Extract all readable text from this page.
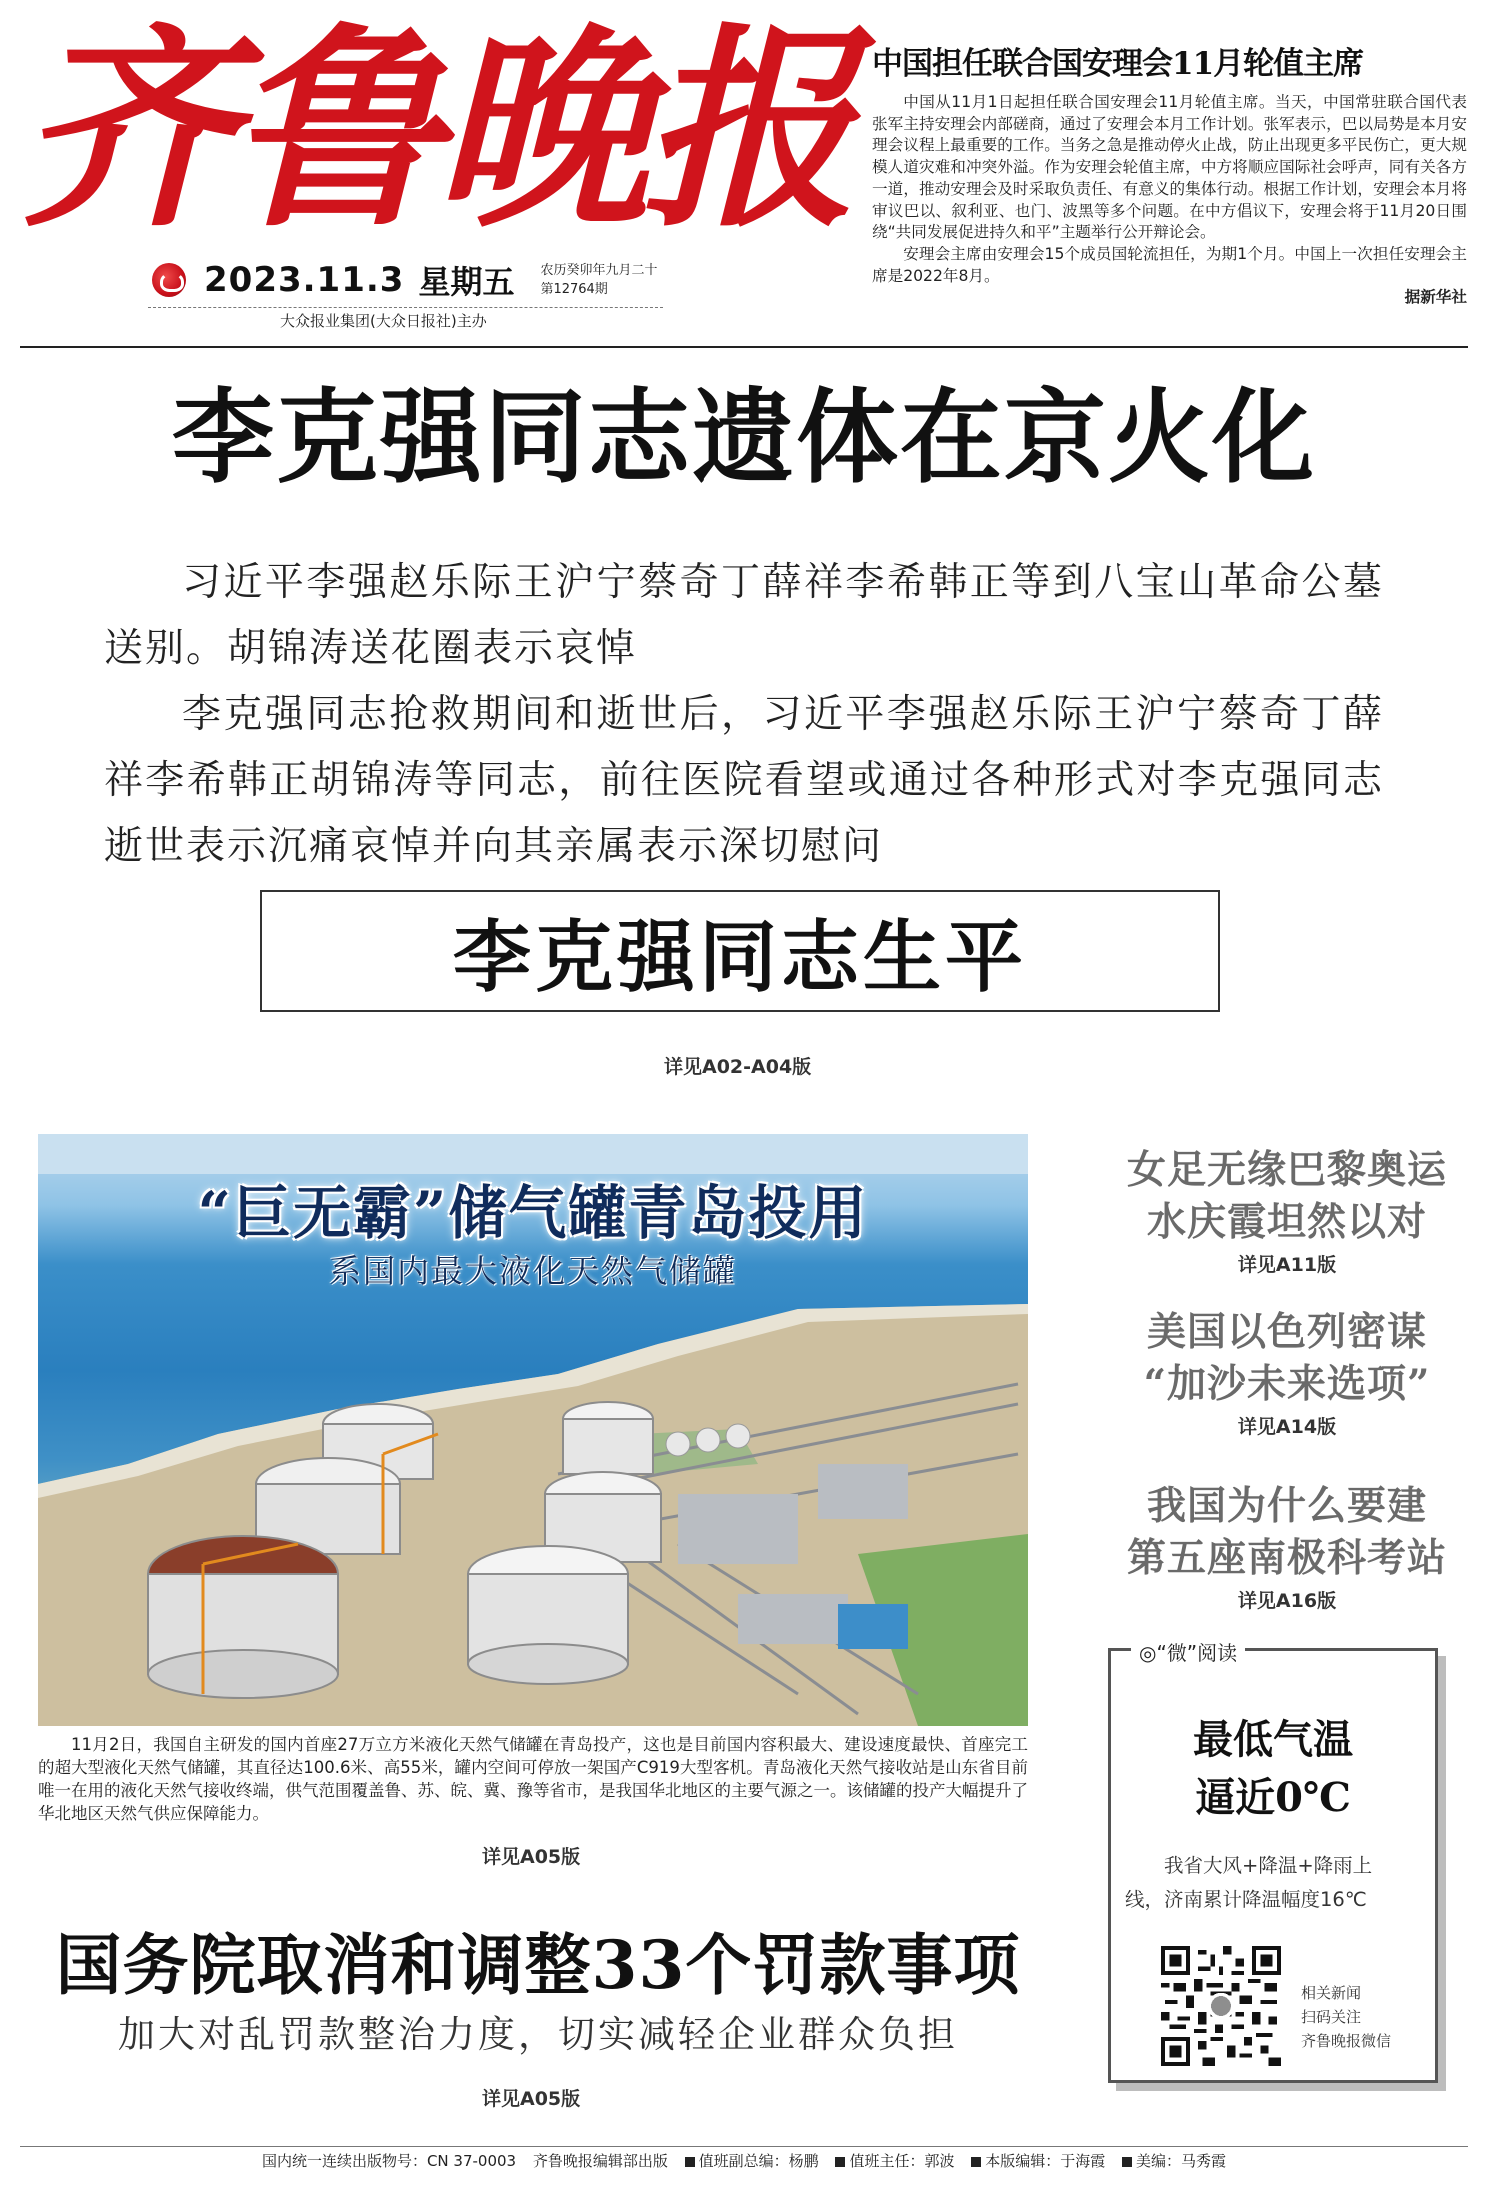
齐鲁晚报
2023.11.3 星期五 农历癸卯年九月二十
第12764期
大众报业集团(大众日报社)主办
中国担任联合国安理会11月轮值主席

中国从11月1日起担任联合国安理会11月轮值主席。当天，中国常驻联合国代表张军主持安理会内部磋商，通过了安理会本月工作计划。张军表示，巴以局势是本月安理会议程上最重要的工作。当务之急是推动停火止战，防止出现更多平民伤亡，更大规模人道灾难和冲突外溢。作为安理会轮值主席，中方将顺应国际社会呼声，同有关各方一道，推动安理会及时采取负责任、有意义的集体行动。根据工作计划，安理会本月将审议巴以、叙利亚、也门、波黑等多个问题。在中方倡议下，安理会将于11月20日围绕“共同发展促进持久和平”主题举行公开辩论会。

安理会主席由安理会15个成员国轮流担任，为期1个月。中国上一次担任安理会主席是2022年8月。

据新华社
李克强同志遗体在京火化

习近平李强赵乐际王沪宁蔡奇丁薛祥李希韩正等到八宝山革命公墓送别。胡锦涛送花圈表示哀悼

李克强同志抢救期间和逝世后，习近平李强赵乐际王沪宁蔡奇丁薛祥李希韩正胡锦涛等同志，前往医院看望或通过各种形式对李克强同志逝世表示沉痛哀悼并向其亲属表示深切慰问

李克强同志生平
详见A02-A04版
“巨无霸”储气罐青岛投用
系国内最大液化天然气储罐

11月2日，我国自主研发的国内首座27万立方米液化天然气储罐在青岛投产，这也是目前国内容积最大、建设速度最快、首座完工的超大型液化天然气储罐，其直径达100.6米、高55米，罐内空间可停放一架国产C919大型客机。青岛液化天然气接收站是山东省目前唯一在用的液化天然气接收终端，供气范围覆盖鲁、苏、皖、冀、豫等省市，是我国华北地区的主要气源之一。该储罐的投产大幅提升了华北地区天然气供应保障能力。

详见A05版
国务院取消和调整33个罚款事项
加大对乱罚款整治力度，切实减轻企业群众负担
详见A05版
女足无缘巴黎奥运
水庆霞坦然以对
详见A11版
美国以色列密谋
“加沙未来选项”
详见A14版
我国为什么要建
第五座南极科考站
详见A16版
◎“微”阅读
最低气温
逼近0℃
我省大风+降温+降雨上
线，济南累计降温幅度16℃
相关新闻
扫码关注
齐鲁晚报微信
国内统一连续出版物号：CN 37-0003 齐鲁晚报编辑部出版 值班副总编：杨鹏 值班主任：郭波 本版编辑：于海霞 美编：马秀霞
